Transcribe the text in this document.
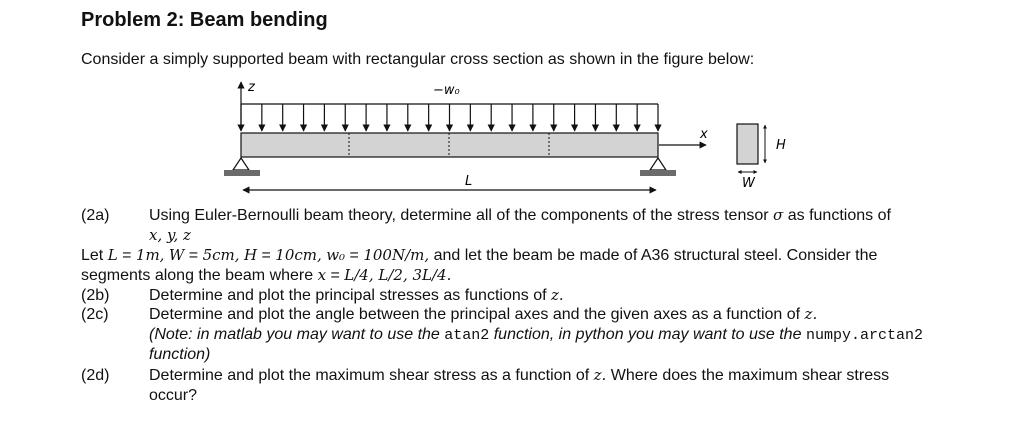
Problem 2: Beam bending

Consider a simply supported beam with rectangular cross section as shown in the figure below:

z	−w₀
x
L
H
W
(2a) Using Euler-Bernoulli beam theory, determine all of the components of the stress tensor σ as functions of
x, y, z
Let L = 1m, W = 5cm, H = 10cm, w₀ = 100N/m, and let the beam be made of A36 structural steel. Consider the
segments along the beam where x = L/4, L/2, 3L/4.
(2b) Determine and plot the principal stresses as functions of z.
(2c)	Determine and plot the angle between the principal axes and the given axes as a function of z.
(Note: in matlab you may want to use the atan2 function, in python you may want to use the numpy.arctan2
function)
(2d) Determine and plot the maximum shear stress as a function of z. Where does the maximum shear stress
occur?
